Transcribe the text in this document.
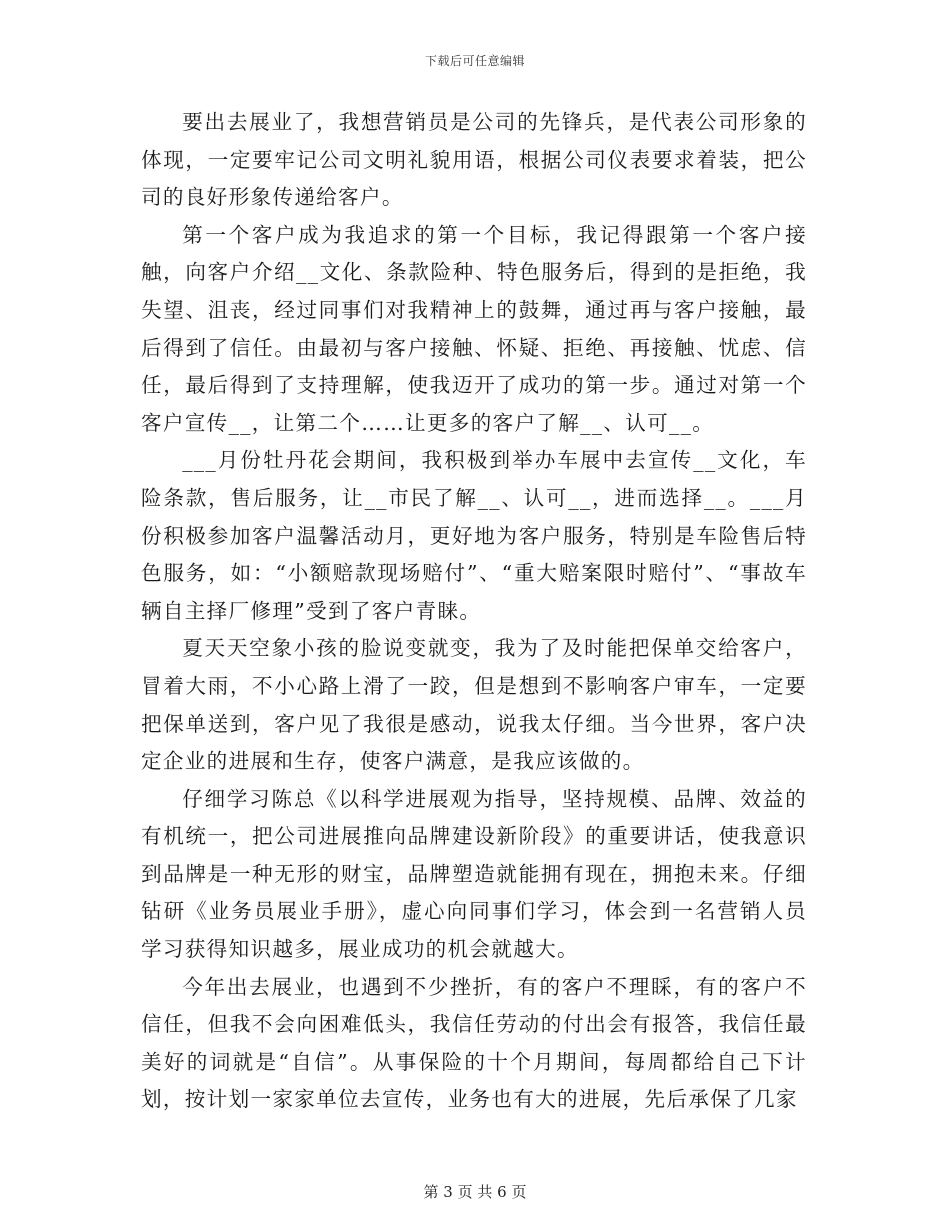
下载后可任意编辑

要出去展业了，我想营销员是公司的先锋兵，是代表公司形象的体现，一定要牢记公司文明礼貌用语，根据公司仪表要求着装，把公司的良好形象传递给客户。

第一个客户成为我追求的第一个目标，我记得跟第一个客户接触，向客户介绍__文化、条款险种、特色服务后，得到的是拒绝，我失望、沮丧，经过同事们对我精神上的鼓舞，通过再与客户接触，最后得到了信任。由最初与客户接触、怀疑、拒绝、再接触、忧虑、信任，最后得到了支持理解，使我迈开了成功的第一步。通过对第一个客户宣传__，让第二个……让更多的客户了解__、认可__。

___月份牡丹花会期间，我积极到举办车展中去宣传__文化，车险条款，售后服务，让__市民了解__、认可__，进而选择__。___月份积极参加客户温馨活动月，更好地为客户服务，特别是车险售后特色服务，如：“小额赔款现场赔付”、“重大赔案限时赔付”、“事故车辆自主择厂修理”受到了客户青睐。

夏天天空象小孩的脸说变就变，我为了及时能把保单交给客户，冒着大雨，不小心路上滑了一跤，但是想到不影响客户审车，一定要把保单送到，客户见了我很是感动，说我太仔细。当今世界，客户决定企业的进展和生存，使客户满意，是我应该做的。

仔细学习陈总《以科学进展观为指导，坚持规模、品牌、效益的有机统一，把公司进展推向品牌建设新阶段》的重要讲话，使我意识到品牌是一种无形的财宝，品牌塑造就能拥有现在，拥抱未来。仔细钻研《业务员展业手册》，虚心向同事们学习，体会到一名营销人员学习获得知识越多，展业成功的机会就越大。

今年出去展业，也遇到不少挫折，有的客户不理睬，有的客户不信任，但我不会向困难低头，我信任劳动的付出会有报答，我信任最美好的词就是“自信”。从事保险的十个月期间，每周都给自己下计划，按计划一家家单位去宣传，业务也有大的进展，先后承保了几家

第 3 页 共 6 页
